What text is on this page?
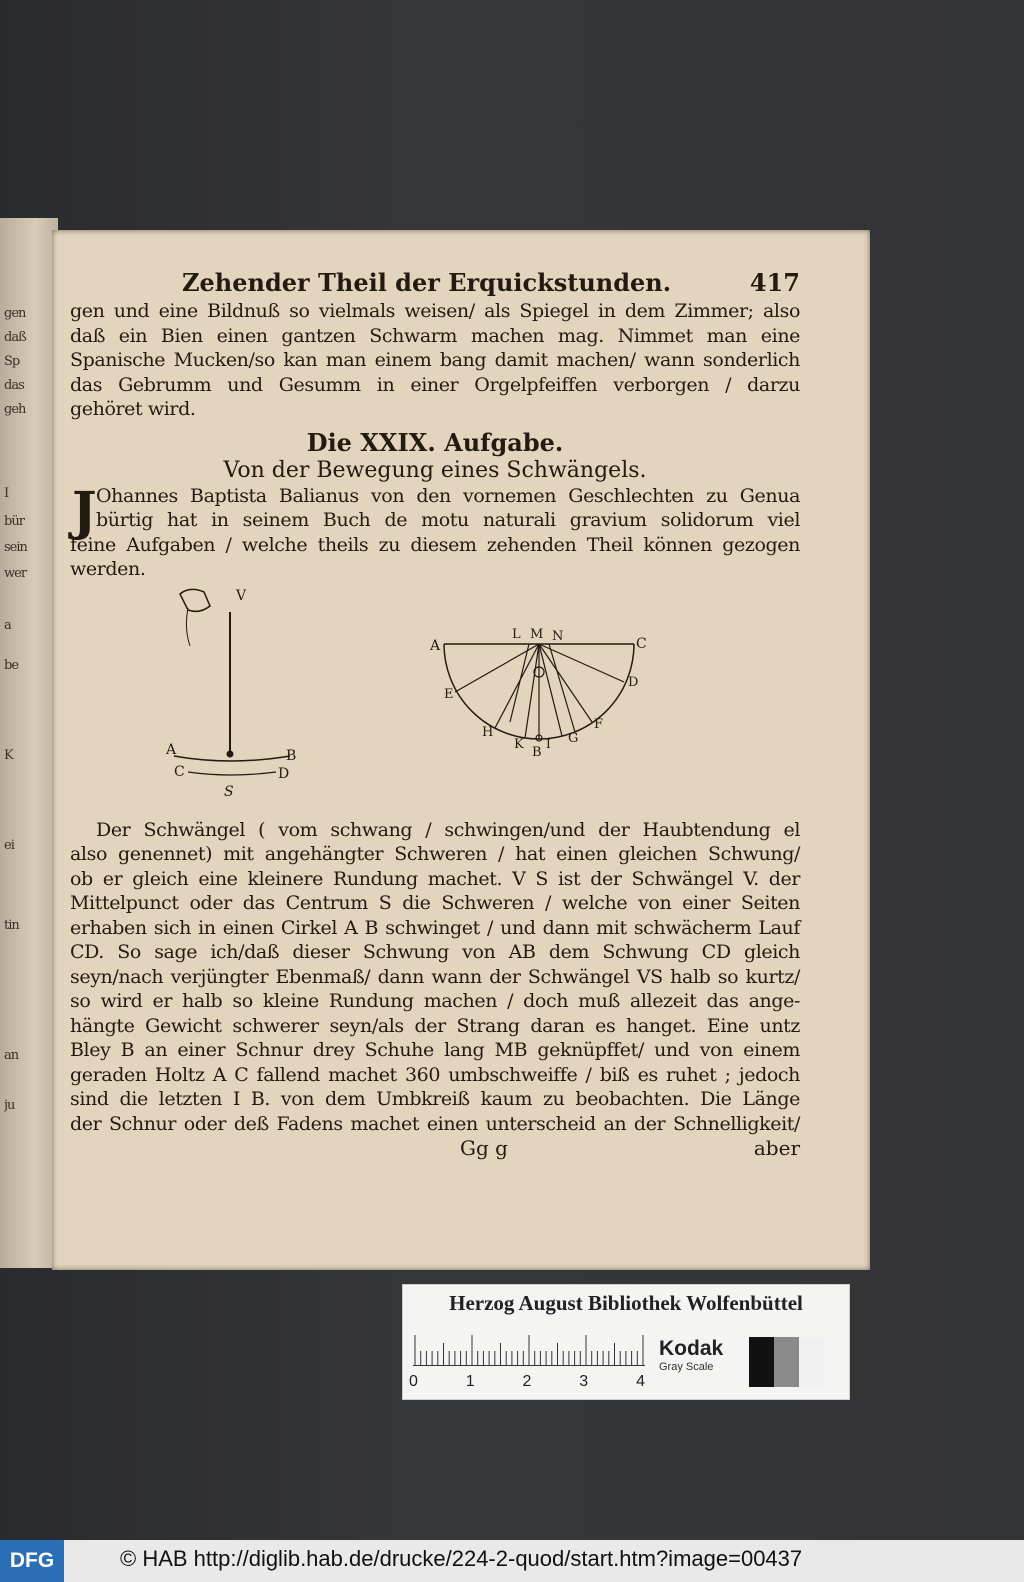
gen
daß
Sp
das
geh
I
bür
sein
wer
a
be
K
ei
tin
an
ju
Zehender Theil der Erquickstunden.	417
gen und eine Bildnuß so vielmals weisen/ als Spiegel in dem Zimmer; also
daß ein Bien einen gantzen Schwarm machen mag. Nimmet man eine
Spanische Mucken/so kan man einem bang damit machen/ wann sonderlich
das Gebrumm und Gesumm in einer Orgelpfeiffen verborgen / darzu
gehöret wird.
Die XXIX. Aufgabe.
Von der Bewegung eines Schwängels.
J Ohannes Baptista Balianus von den vornemen Geschlechten zu Genua
bürtig hat in seinem Buch de motu naturali gravium solidorum viel
feine Aufgaben / welche theils zu diesem zehenden Theil können gezogen
werden.
V
A	B
C	D
S
A
L M N	C
D
E
H
K
B
I G
F
Der Schwängel ( vom schwang / schwingen/und der Haubtendung el
also genennet) mit angehängter Schweren / hat einen gleichen Schwung/
ob er gleich eine kleinere Rundung machet. V S ist der Schwängel V. der
Mittelpunct oder das Centrum S die Schweren / welche von einer Seiten
erhaben sich in einen Cirkel A B schwinget / und dann mit schwächerm Lauf
CD. So sage ich/daß dieser Schwung von AB dem Schwung CD gleich
seyn/nach verjüngter Ebenmaß/ dann wann der Schwängel VS halb so kurtz/
so wird er halb so kleine Rundung machen / doch muß allezeit das ange-
hängte Gewicht schwerer seyn/als der Strang daran es hanget. Eine untz
Bley B an einer Schnur drey Schuhe lang MB geknüpffet/ und von einem
geraden Holtz A C fallend machet 360 umbschweiffe / biß es ruhet ; jedoch
sind die letzten I B. von dem Umbkreiß kaum zu beobachten. Die Länge
der Schnur oder deß Fadens machet einen unterscheid an der Schnelligkeit/
Gg g	aber
Herzog August Bibliothek Wolfenbüttel
0	1	2	3	4
Kodak
Gray Scale
DFG	© HAB http://diglib.hab.de/drucke/224-2-quod/start.htm?image=00437
